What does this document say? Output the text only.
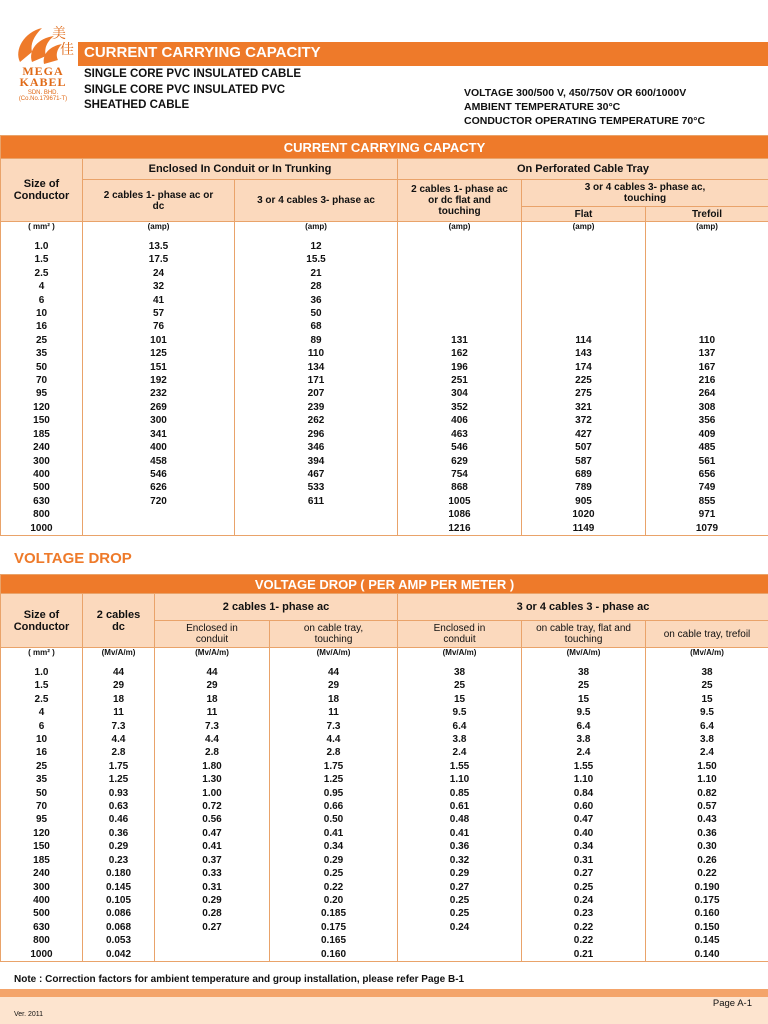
美
佳
MEGA
KABEL
SDN. BHD. (Co.No.179671-T)
CURRENT CARRYING CAPACITY
SINGLE CORE PVC INSULATED CABLE
SINGLE CORE PVC INSULATED PVC
SHEATHED CABLE
VOLTAGE 300/500 V, 450/750V OR 600/1000V
AMBIENT TEMPERATURE 30°C
CONDUCTOR OPERATING TEMPERATURE 70°C
CURRENT CARRYING CAPACTY					
Size of Conductor	Enclosed In Conduit or In Trunking		On Perforated Cable Tray		
	2 cables 1- phase ac or dc	3 or 4 cables 3- phase ac	2 cables 1- phase ac or dc flat and touching	3 or 4 cables 3- phase ac, touching	
				Flat	Trefoil
( mm² )	(amp)	(amp)	(amp)	(amp)	(amp)
1.0	13.5	12			
1.5	17.5	15.5			
2.5	24	21			
4	32	28			
6	41	36			
10	57	50			
16	76	68			
25	101	89	131	114	110
35	125	110	162	143	137
50	151	134	196	174	167
70	192	171	251	225	216
95	232	207	304	275	264
120	269	239	352	321	308
150	300	262	406	372	356
185	341	296	463	427	409
240	400	346	546	507	485
300	458	394	629	587	561
400	546	467	754	689	656
500	626	533	868	789	749
630	720	611	1005	905	855
800			1086	1020	971
1000			1216	1149	1079
VOLTAGE DROP
VOLTAGE DROP ( PER AMP PER METER )						
Size of Conductor	2 cables dc	2 cables 1- phase ac		3 or 4 cables 3 - phase ac		
		Enclosed in conduit	on cable tray, touching	Enclosed in conduit	on cable tray, flat and touching	on cable tray, trefoil
( mm² )	(Mv/A/m)	(Mv/A/m)	(Mv/A/m)	(Mv/A/m)	(Mv/A/m)	(Mv/A/m)
1.0	44	44	44	38	38	38
1.5	29	29	29	25	25	25
2.5	18	18	18	15	15	15
4	11	11	11	9.5	9.5	9.5
6	7.3	7.3	7.3	6.4	6.4	6.4
10	4.4	4.4	4.4	3.8	3.8	3.8
16	2.8	2.8	2.8	2.4	2.4	2.4
25	1.75	1.80	1.75	1.55	1.55	1.50
35	1.25	1.30	1.25	1.10	1.10	1.10
50	0.93	1.00	0.95	0.85	0.84	0.82
70	0.63	0.72	0.66	0.61	0.60	0.57
95	0.46	0.56	0.50	0.48	0.47	0.43
120	0.36	0.47	0.41	0.41	0.40	0.36
150	0.29	0.41	0.34	0.36	0.34	0.30
185	0.23	0.37	0.29	0.32	0.31	0.26
240	0.180	0.33	0.25	0.29	0.27	0.22
300	0.145	0.31	0.22	0.27	0.25	0.190
400	0.105	0.29	0.20	0.25	0.24	0.175
500	0.086	0.28	0.185	0.25	0.23	0.160
630	0.068	0.27	0.175	0.24	0.22	0.150
800	0.053		0.165		0.22	0.145
1000	0.042		0.160		0.21	0.140
Note : Correction factors for ambient temperature and group installation, please refer Page B-1
Page A-1
Ver. 2011
